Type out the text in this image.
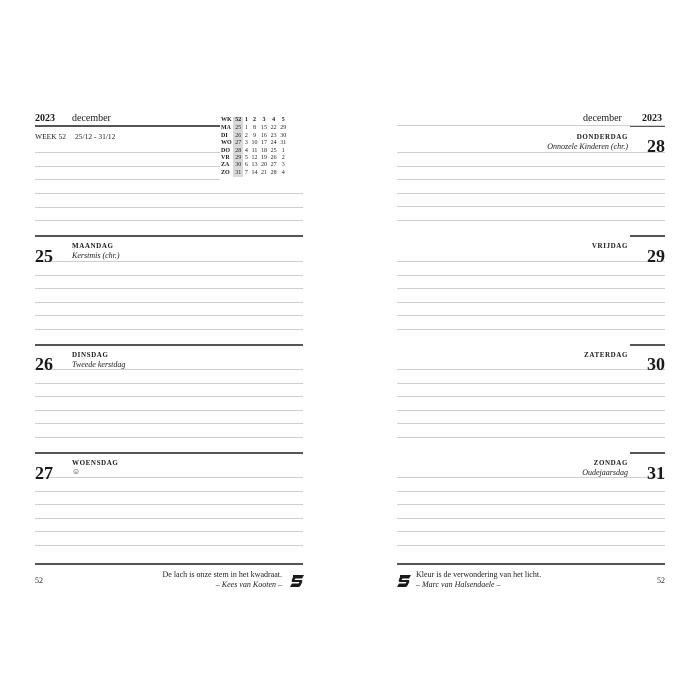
2023 december
WEEK 52 25/12 - 31/12
WK	52	1	2	3	4	5
MA	25	1	8	15	22	29
DI	26	2	9	16	23	30
WO	27	3	10	17	24	31
DO	28	4	11	18	25	1
VR	29	5	12	19	26	2
ZA	30	6	13	20	27	3
ZO	31	7	14	21	28	4
25	MAANDAG
Kerstmis (chr.)
26	DINSDAG
Tweede kerstdag
27	WOENSDAG
☺
52
De lach is onze stem in het kwadraat.
– Kees van Kooten –
december 2023
DONDERDAG
Onnozele Kinderen (chr.) 28
VRIJDAG 29
ZATERDAG 30
ZONDAG
Oudejaarsdag 31
Kleur is de verwondering van het licht.
– Marc van Halsendaele –	52
